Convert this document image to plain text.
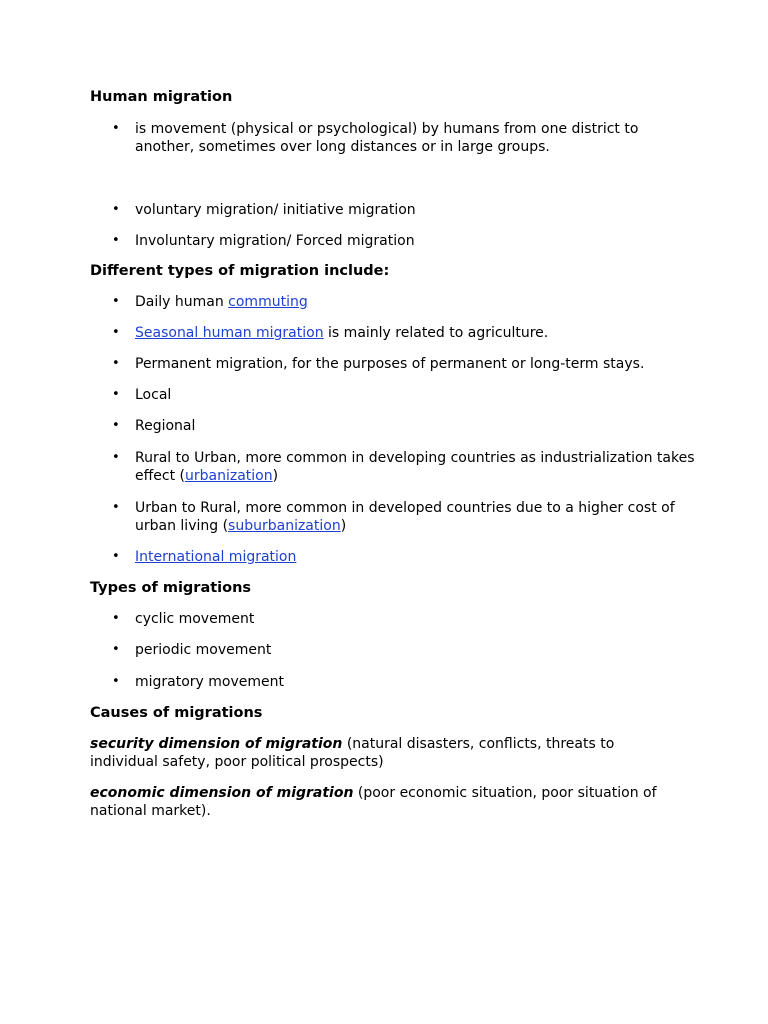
Human migration
• is movement (physical or psychological) by humans from one district to another, sometimes over long distances or in large groups.
• voluntary migration/ initiative migration
• Involuntary migration/ Forced migration
Different types of migration include:
• Daily human commuting
• Seasonal human migration is mainly related to agriculture.
• Permanent migration, for the purposes of permanent or long-term stays.
• Local
• Regional
• Rural to Urban, more common in developing countries as industrialization takes effect (urbanization)
• Urban to Rural, more common in developed countries due to a higher cost of urban living (suburbanization)
• International migration
Types of migrations
• cyclic movement
• periodic movement
• migratory movement
Causes of migrations
security dimension of migration (natural disasters, conflicts, threats to individual safety, poor political prospects)
economic dimension of migration (poor economic situation, poor situation of national market).
